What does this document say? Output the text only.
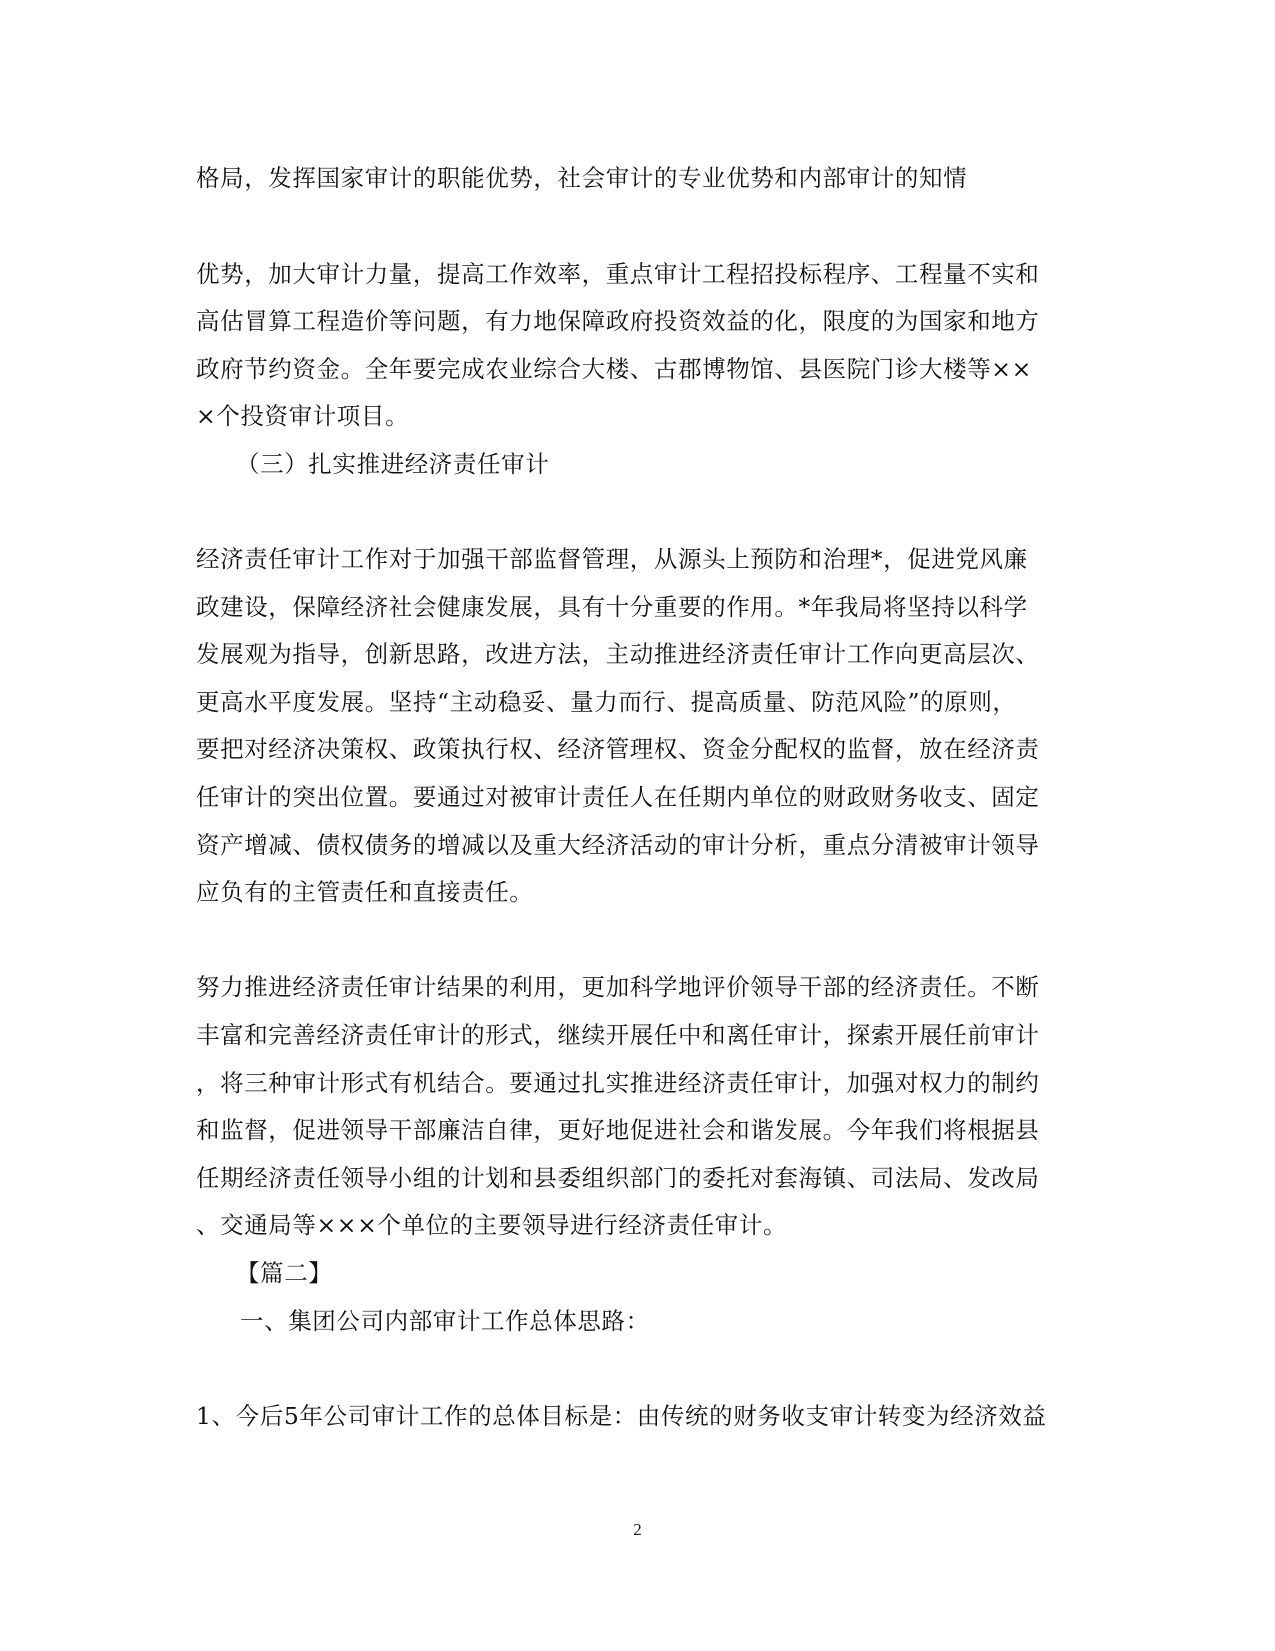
格局，发挥国家审计的职能优势，社会审计的专业优势和内部审计的知情
优势，加大审计力量，提高工作效率，重点审计工程招投标程序、工程量不实和
高估冒算工程造价等问题，有力地保障政府投资效益的化，限度的为国家和地方
政府节约资金。全年要完成农业综合大楼、古郡博物馆、县医院门诊大楼等××
×个投资审计项目。
（三）扎实推进经济责任审计
经济责任审计工作对于加强干部监督管理，从源头上预防和治理*，促进党风廉
政建设，保障经济社会健康发展，具有十分重要的作用。*年我局将坚持以科学
发展观为指导，创新思路，改进方法，主动推进经济责任审计工作向更高层次、
更高水平度发展。坚持“主动稳妥、量力而行、提高质量、防范风险”的原则，
要把对经济决策权、政策执行权、经济管理权、资金分配权的监督，放在经济责
任审计的突出位置。要通过对被审计责任人在任期内单位的财政财务收支、固定
资产增减、债权债务的增减以及重大经济活动的审计分析，重点分清被审计领导
应负有的主管责任和直接责任。
努力推进经济责任审计结果的利用，更加科学地评价领导干部的经济责任。不断
丰富和完善经济责任审计的形式，继续开展任中和离任审计，探索开展任前审计
，将三种审计形式有机结合。要通过扎实推进经济责任审计，加强对权力的制约
和监督，促进领导干部廉洁自律，更好地促进社会和谐发展。今年我们将根据县
任期经济责任领导小组的计划和县委组织部门的委托对套海镇、司法局、发改局
、交通局等×××个单位的主要领导进行经济责任审计。
【篇二】
一、集团公司内部审计工作总体思路：
1、今后5年公司审计工作的总体目标是：由传统的财务收支审计转变为经济效益
2
